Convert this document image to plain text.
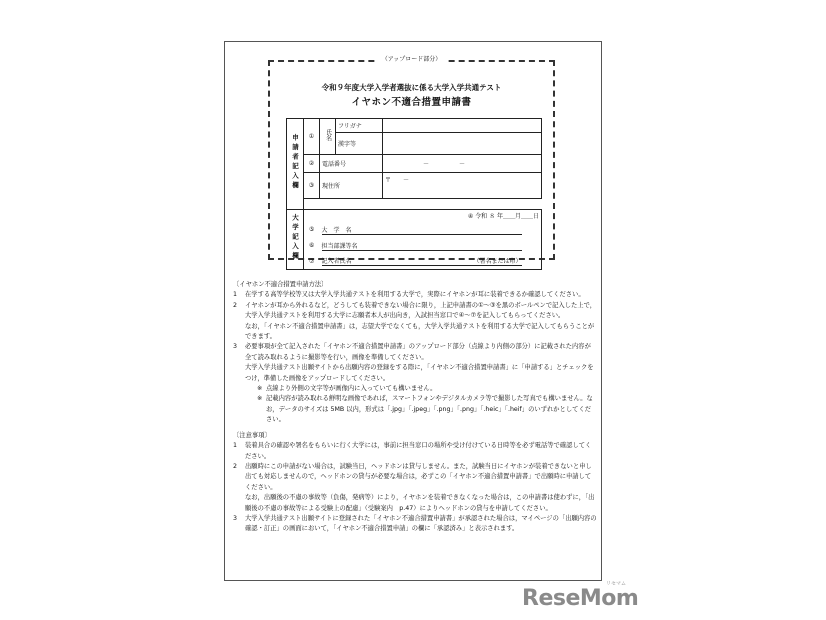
（アップロード部分）
令和９年度大学入学者選抜に係る大学入学共通テスト
イヤホン不適合措置申請書
申請者記入欄	①	氏名	フリガナ	
			漢字等	
	②	電話番号		－　　　　　－
	③	現住所		〒　　－

大学記入欄	④ 令和 ８ 年＿＿月＿＿日			
	⑤	大　学　名		
	⑥	担当部課等名		
	⑦	記入者氏名 （署名または印）		
〔イヤホン不適合措置申請方法〕
1	在学する高等学校等又は大学入学共通テストを利用する大学で，実際にイヤホンが耳に装着できるか確認してください。
2	イヤホンが耳から外れるなど，どうしても装着できない場合に限り，上記申請書の①～③を黒のボールペンで記入した上で，大学入学共通テストを利用する大学に志願者本人が出向き，入試担当窓口で④～⑦を記入してもらってください。
なお，「イヤホン不適合措置申請書」は，志望大学でなくても，大学入学共通テストを利用する大学で記入してもらうことができます。
3	必要事項が全て記入された「イヤホン不適合措置申請書」のアップロード部分（点線より内側の部分）に記載された内容が全て読み取れるように撮影等を行い，画像を準備してください。
大学入学共通テスト出願サイトから出願内容の登録をする際に，「イヤホン不適合措置申請書」に「申請する」とチェックをつけ，準備した画像をアップロードしてください。
※ 点線より外側の文字等が画像内に入っていても構いません。
※ 記載内容が読み取れる鮮明な画像であれば，スマートフォンやデジタルカメラ等で撮影した写真でも構いません。なお，データのサイズは 5MB 以内，形式は「.jpg」「.jpeg」「.png」「.png」「.heic」「.heif」のいずれかとしてください。
〔注意事項〕
1	装着具合の確認や署名をもらいに行く大学には，事前に担当窓口の場所や受け付けている日時等を必ず電話等で確認してください。
2	出願時にこの申請がない場合は，試験当日，ヘッドホンは貸与しません。また，試験当日にイヤホンが装着できないと申し出ても対応しませんので，ヘッドホンの貸与が必要な場合は，必ずこの「イヤホン不適合措置申請書」で出願時に申請してください。
なお，出願後の不慮の事故等（負傷，発病等）により，イヤホンを装着できなくなった場合は，この申請書は使わずに，「出願後の不慮の事故等による受験上の配慮」（受験案内　p.47）によりヘッドホンの貸与を申請してください。
3	大学入学共通テスト出願サイトに登録された「イヤホン不適合措置申請書」が承認された場合は，マイページの「出願内容の確認・訂正」の画面において，「イヤホン不適合措置申請」の欄に「承認済み」と表示されます。
ReseMom
リセマム
